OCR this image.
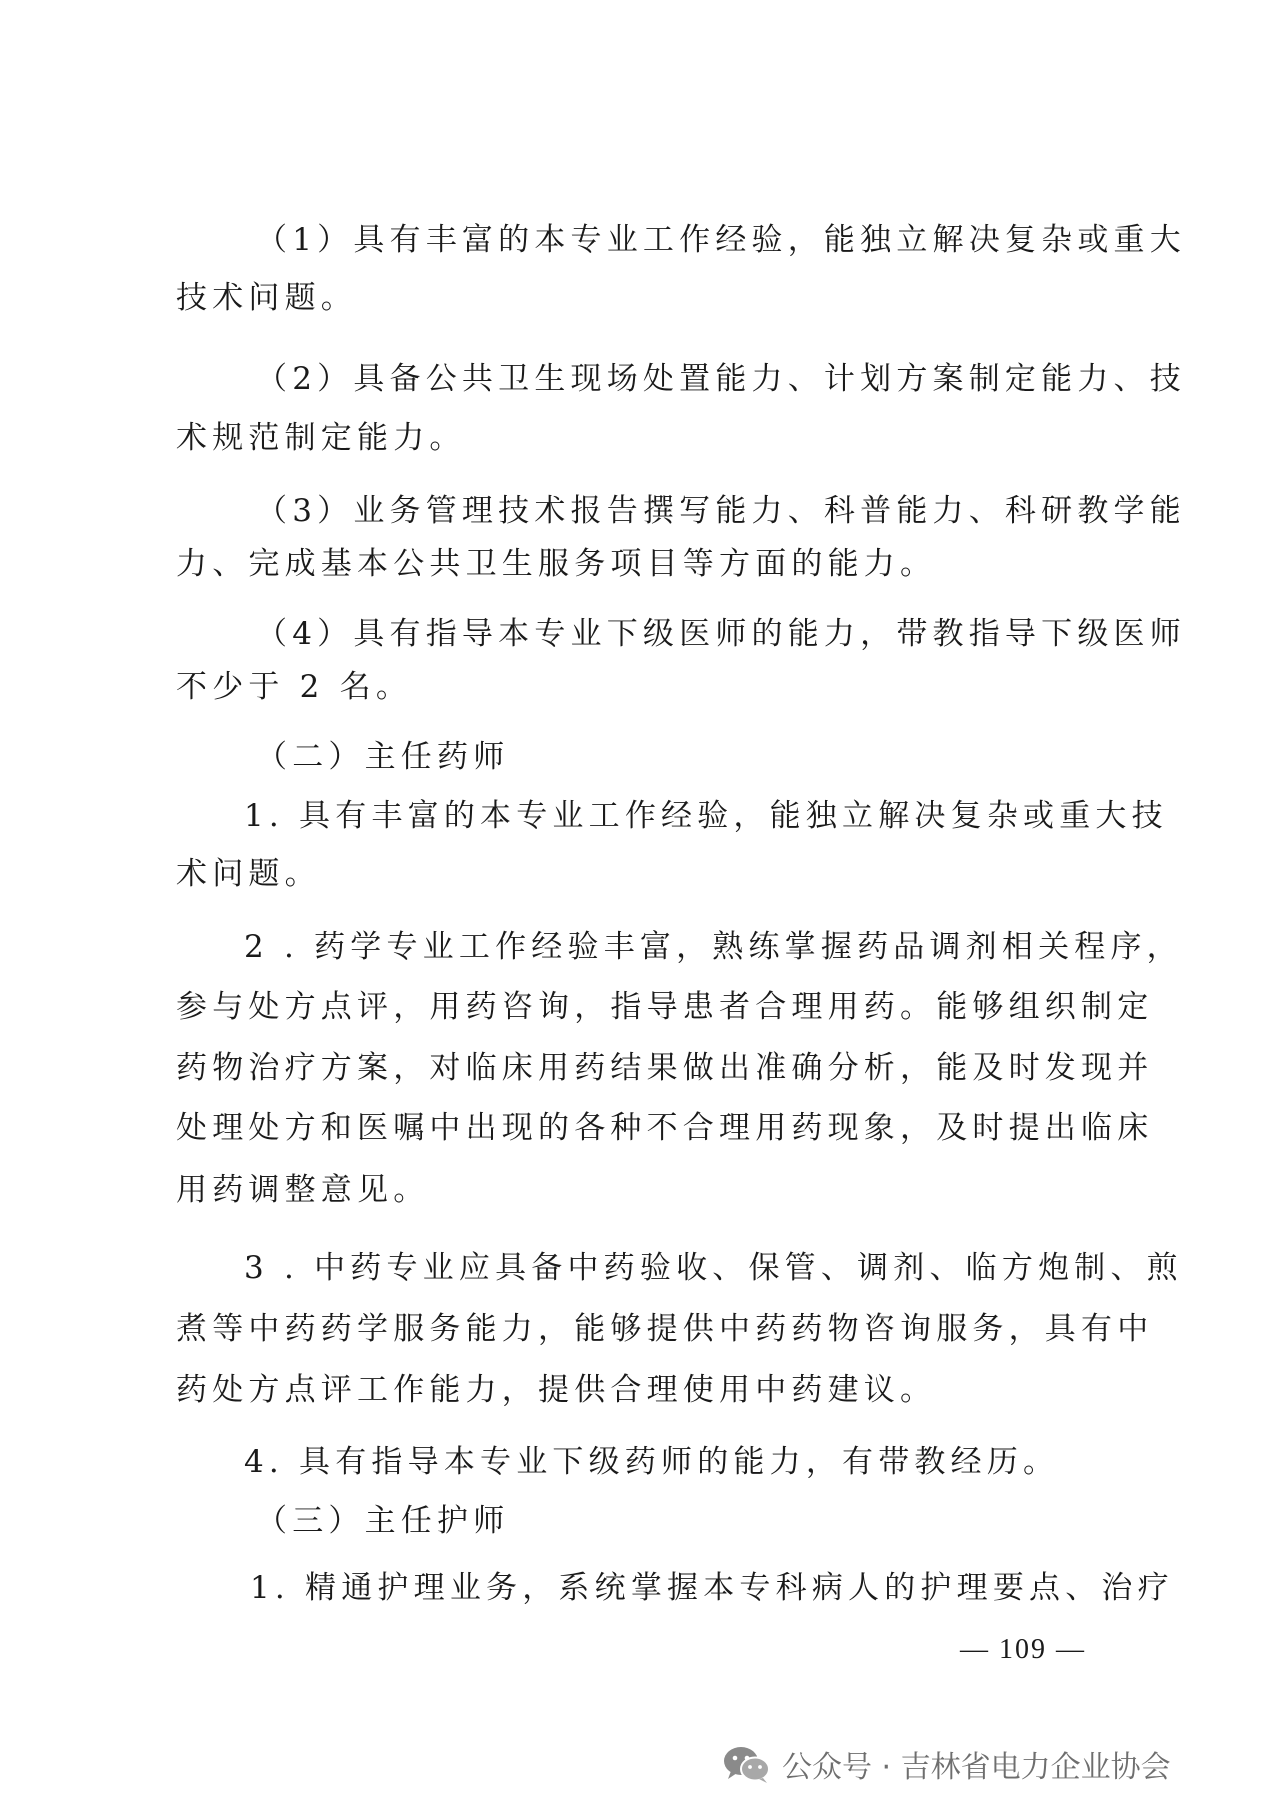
（1）具有丰富的本专业工作经验，能独立解决复杂或重大
技术问题。
（2）具备公共卫生现场处置能力、计划方案制定能力、技
术规范制定能力。
（3）业务管理技术报告撰写能力、科普能力、科研教学能
力、完成基本公共卫生服务项目等方面的能力。
（4）具有指导本专业下级医师的能力，带教指导下级医师
不少于 2 名。
（二）主任药师
1. 具有丰富的本专业工作经验，能独立解决复杂或重大技
术问题。
2 . 药学专业工作经验丰富，熟练掌握药品调剂相关程序，
参与处方点评，用药咨询，指导患者合理用药。能够组织制定
药物治疗方案，对临床用药结果做出准确分析，能及时发现并
处理处方和医嘱中出现的各种不合理用药现象，及时提出临床
用药调整意见。
3 . 中药专业应具备中药验收、保管、调剂、临方炮制、煎
煮等中药药学服务能力，能够提供中药药物咨询服务，具有中
药处方点评工作能力，提供合理使用中药建议。
4. 具有指导本专业下级药师的能力，有带教经历。
（三）主任护师
1. 精通护理业务，系统掌握本专科病人的护理要点、治疗
— 109 —
公众号 · 吉林省电力企业协会
